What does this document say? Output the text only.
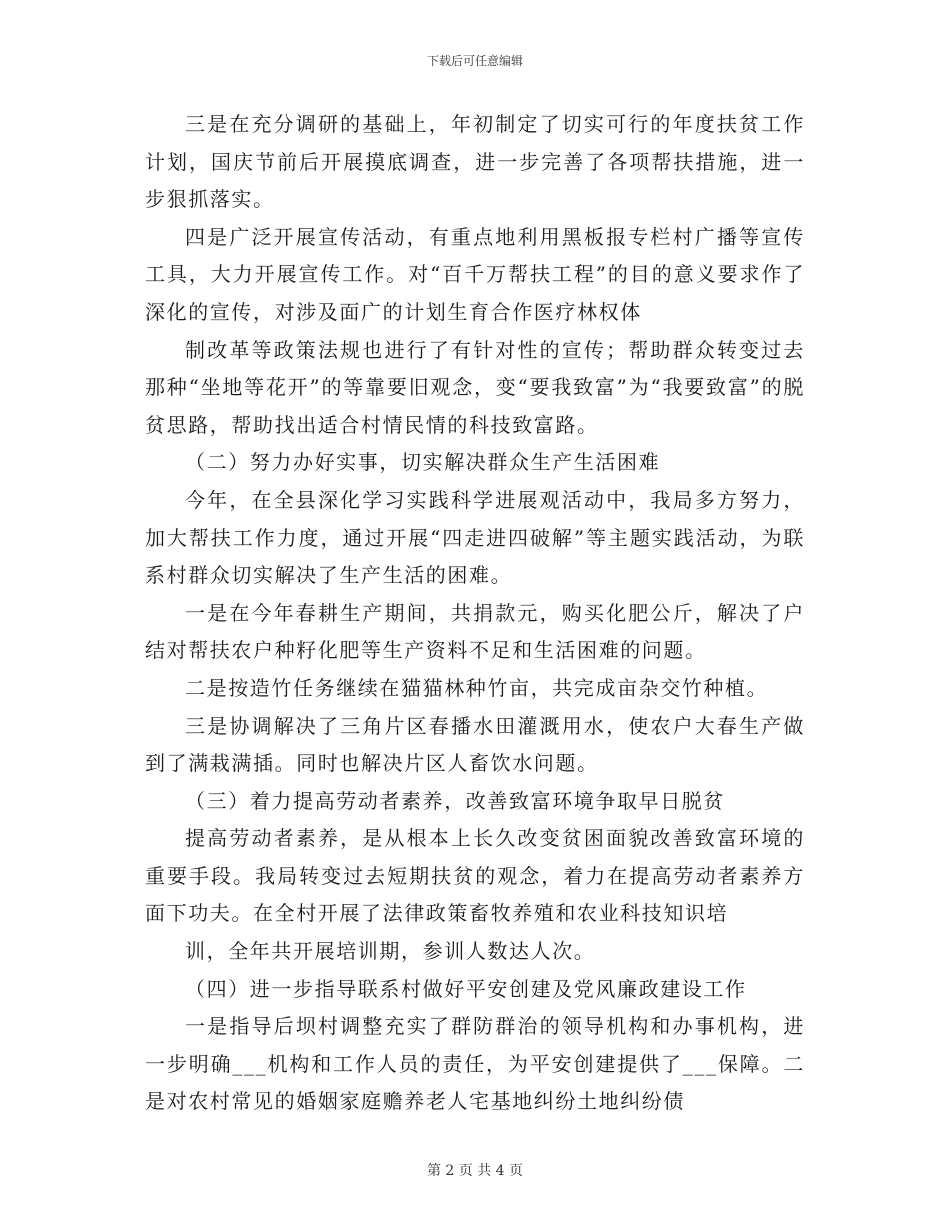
下载后可任意编辑

三是在充分调研的基础上，年初制定了切实可行的年度扶贫工作计划，国庆节前后开展摸底调查，进一步完善了各项帮扶措施，进一步狠抓落实。

四是广泛开展宣传活动，有重点地利用黑板报专栏村广播等宣传工具，大力开展宣传工作。对“百千万帮扶工程”的目的意义要求作了深化的宣传，对涉及面广的计划生育合作医疗林权体

制改革等政策法规也进行了有针对性的宣传；帮助群众转变过去那种“坐地等花开”的等靠要旧观念，变“要我致富”为“我要致富”的脱贫思路，帮助找出适合村情民情的科技致富路。

（二）努力办好实事，切实解决群众生产生活困难

今年，在全县深化学习实践科学进展观活动中，我局多方努力，加大帮扶工作力度，通过开展“四走进四破解”等主题实践活动，为联系村群众切实解决了生产生活的困难。

一是在今年春耕生产期间，共捐款元，购买化肥公斤，解决了户结对帮扶农户种籽化肥等生产资料不足和生活困难的问题。

二是按造竹任务继续在猫猫林种竹亩，共完成亩杂交竹种植。

三是协调解决了三角片区春播水田灌溉用水，使农户大春生产做到了满栽满插。同时也解决片区人畜饮水问题。

（三）着力提高劳动者素养，改善致富环境争取早日脱贫

提高劳动者素养，是从根本上长久改变贫困面貌改善致富环境的重要手段。我局转变过去短期扶贫的观念，着力在提高劳动者素养方面下功夫。在全村开展了法律政策畜牧养殖和农业科技知识培

训，全年共开展培训期，参训人数达人次。

（四）进一步指导联系村做好平安创建及党风廉政建设工作

一是指导后坝村调整充实了群防群治的领导机构和办事机构，进一步明确___机构和工作人员的责任，为平安创建提供了___保障。二是对农村常见的婚姻家庭赡养老人宅基地纠纷土地纠纷债

第 2 页 共 4 页
